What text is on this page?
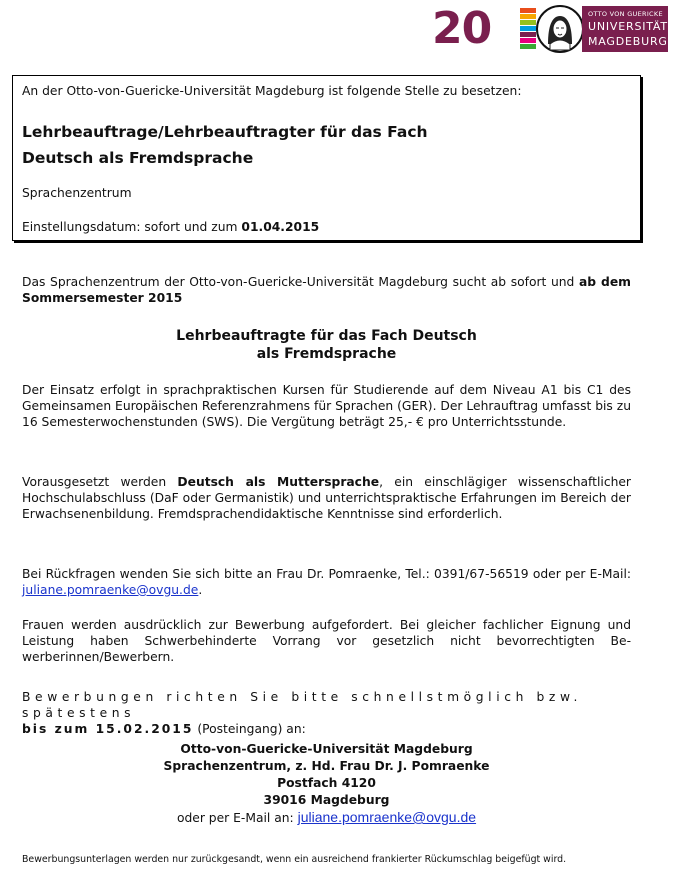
20	OTTO VON GUERICKE
UNIVERSITÄT
MAGDEBURG
An der Otto-von-Guericke-Universität Magdeburg ist folgende Stelle zu besetzen:
Lehrbeauftrage/Lehrbeauftragter für das Fach
Deutsch als Fremdsprache
Sprachenzentrum
Einstellungsdatum: sofort und zum 01.04.2015
Das Sprachenzentrum der Otto-von-Guericke-Universität Magdeburg sucht ab sofort und ab dem Sommersemester 2015
Lehrbeauftragte für das Fach Deutsch
als Fremdsprache
Der Einsatz erfolgt in sprachpraktischen Kursen für Studierende auf dem Niveau A1 bis C1 des Gemeinsamen Europäischen Referenzrahmens für Sprachen (GER). Der Lehrauftrag umfasst bis zu 16 Semesterwochenstunden (SWS). Die Vergütung beträgt 25,- € pro Unterrichtsstunde.
Vorausgesetzt werden Deutsch als Muttersprache, ein einschlägiger wissenschaftlicher Hochschulabschluss (DaF oder Germanistik) und unterrichtspraktische Erfahrungen im Bereich der Erwachsenenbildung. Fremdsprachendidaktische Kenntnisse sind erforderlich.
Bei Rückfragen wenden Sie sich bitte an Frau Dr. Pomraenke, Tel.: 0391/67-56519 oder per E-Mail: juliane.pomraenke@ovgu.de.
Frauen werden ausdrücklich zur Bewerbung aufgefordert. Bei gleicher fachlicher Eignung und Leistung haben Schwerbehinderte Vorrang vor gesetzlich nicht bevorrechtigten Bewerberinnen/Bewerbern.
Bewerbungen richten Sie bitte schnellstmöglich bzw. spätestens
bis zum 15.02.2015 (Posteingang) an:
Otto-von-Guericke-Universität Magdeburg
Sprachenzentrum, z. Hd. Frau Dr. J. Pomraenke
Postfach 4120
39016 Magdeburg
oder per E-Mail an: juliane.pomraenke@ovgu.de
Bewerbungsunterlagen werden nur zurückgesandt, wenn ein ausreichend frankierter Rückumschlag beigefügt wird.
